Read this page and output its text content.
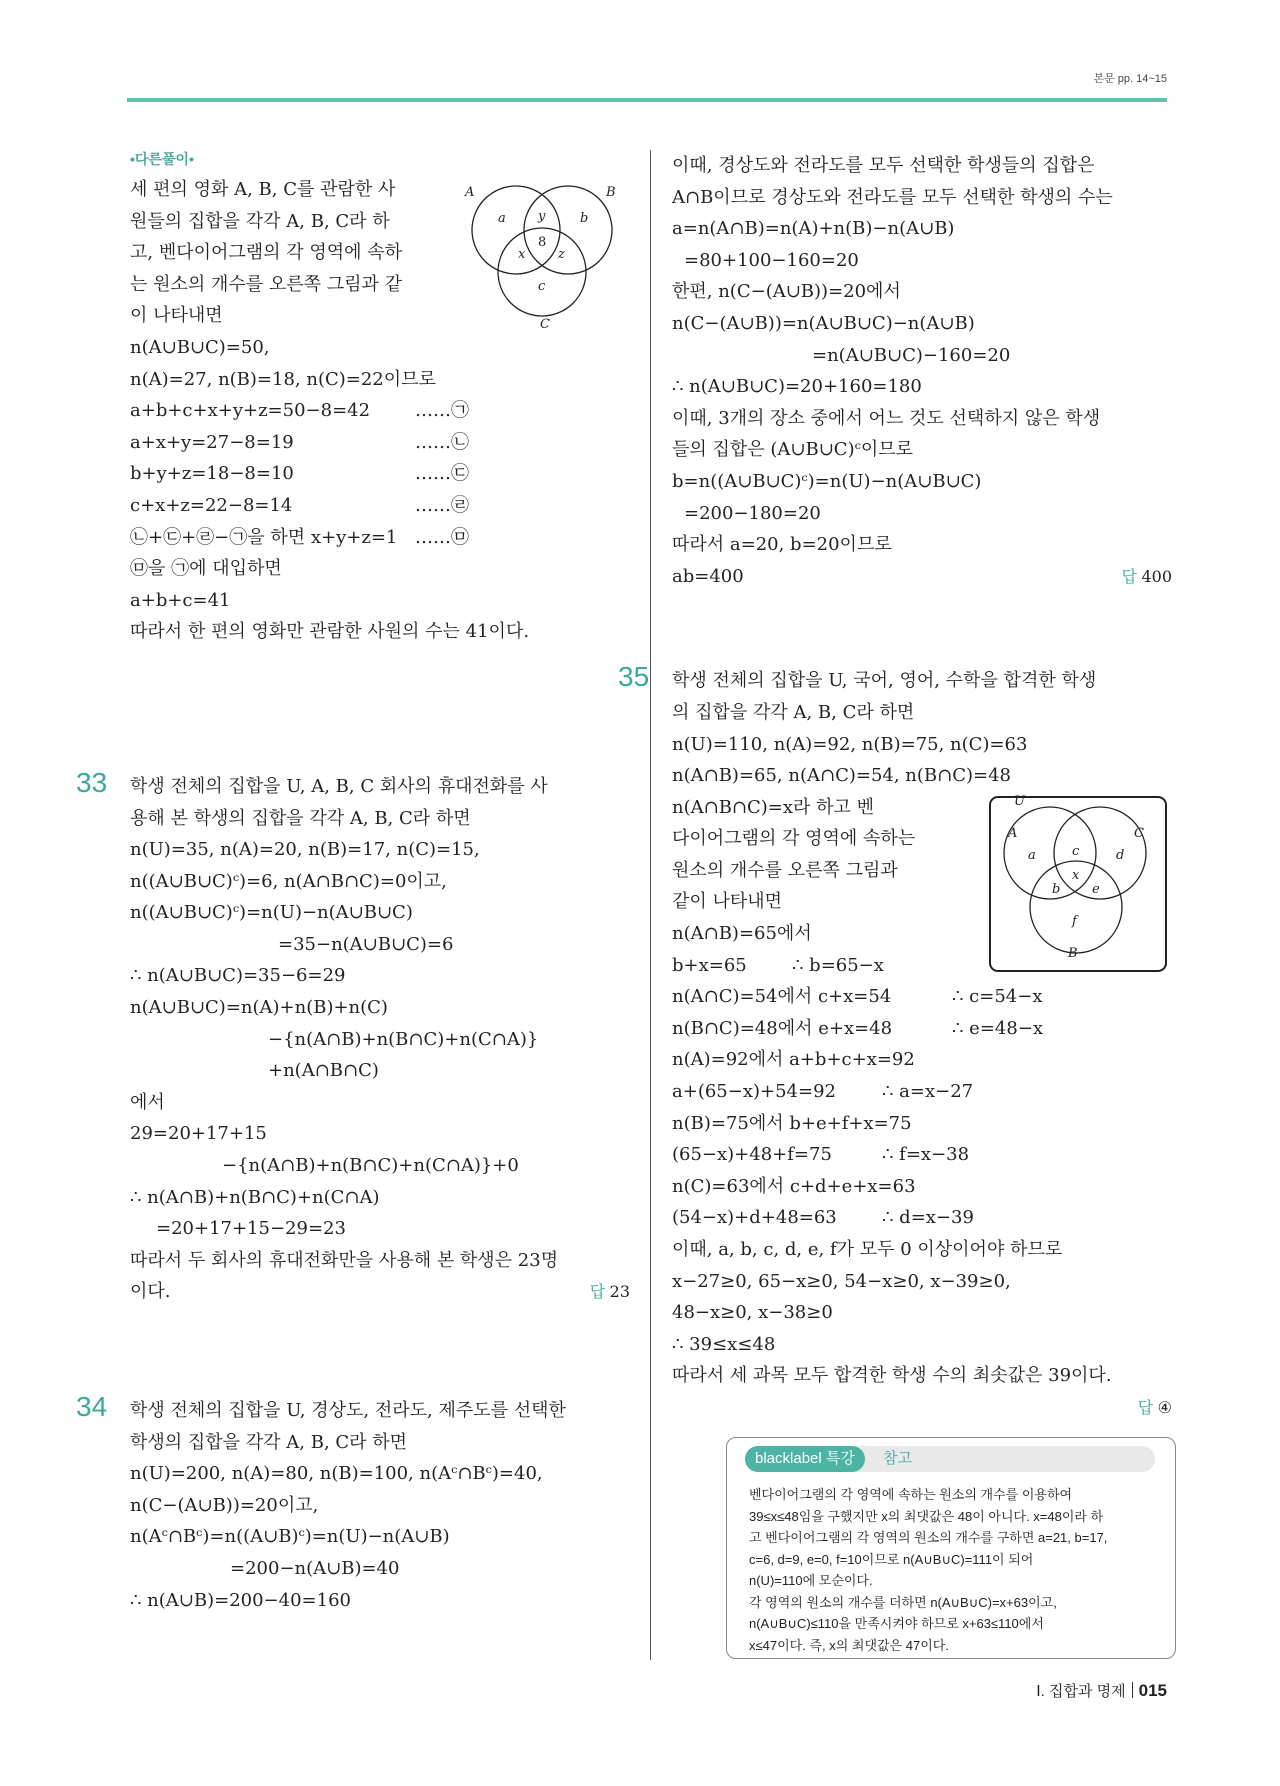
본문 pp. 14~15
•다른풀이•
세 편의 영화 A, B, C를 관람한 사
원들의 집합을 각각 A, B, C라 하
고, 벤다이어그램의 각 영역에 속하
는 원소의 개수를 오른쪽 그림과 같
이 나타내면
n(A∪B∪C)=50,
n(A)=27, n(B)=18, n(C)=22이므로
a+b+c+x+y+z=50−8=42 ……㉠
a+x+y=27−8=19	……㉡
b+y+z=18−8=10	……㉢
c+x+z=22−8=14	……㉣
㉡+㉢+㉣−㉠을 하면 x+y+z=1 ……㉤
㉤을 ㉠에 대입하면
a+b+c=41
따라서 한 편의 영화만 관람한 사원의 수는 41이다.
33 학생 전체의 집합을 U, A, B, C 회사의 휴대전화를 사
용해 본 학생의 집합을 각각 A, B, C라 하면
n(U)=35, n(A)=20, n(B)=17, n(C)=15,
n((A∪B∪C)ᶜ)=6, n(A∩B∩C)=0이고,
n((A∪B∪C)ᶜ)=n(U)−n(A∪B∪C)
=35−n(A∪B∪C)=6
∴ n(A∪B∪C)=35−6=29
n(A∪B∪C)=n(A)+n(B)+n(C)
−{n(A∩B)+n(B∩C)+n(C∩A)}
+n(A∩B∩C)
에서
29=20+17+15
−{n(A∩B)+n(B∩C)+n(C∩A)}+0
∴ n(A∩B)+n(B∩C)+n(C∩A)
=20+17+15−29=23
따라서 두 회사의 휴대전화만을 사용해 본 학생은 23명
이다.	답 23
34 학생 전체의 집합을 U, 경상도, 전라도, 제주도를 선택한
학생의 집합을 각각 A, B, C라 하면
n(U)=200, n(A)=80, n(B)=100, n(Aᶜ∩Bᶜ)=40,
n(C−(A∪B))=20이고,
n(Aᶜ∩Bᶜ)=n((A∪B)ᶜ)=n(U)−n(A∪B)
=200−n(A∪B)=40
∴ n(A∪B)=200−40=160
A	B
C
a	b
c
y
x	z
8
이때, 경상도와 전라도를 모두 선택한 학생들의 집합은
A∩B이므로 경상도와 전라도를 모두 선택한 학생의 수는
a=n(A∩B)=n(A)+n(B)−n(A∪B)
=80+100−160=20
한편, n(C−(A∪B))=20에서
n(C−(A∪B))=n(A∪B∪C)−n(A∪B)
=n(A∪B∪C)−160=20
∴ n(A∪B∪C)=20+160=180
이때, 3개의 장소 중에서 어느 것도 선택하지 않은 학생
들의 집합은 (A∪B∪C)ᶜ이므로
b=n((A∪B∪C)ᶜ)=n(U)−n(A∪B∪C)
=200−180=20
따라서 a=20, b=20이므로
ab=400	답 400
35 학생 전체의 집합을 U, 국어, 영어, 수학을 합격한 학생
의 집합을 각각 A, B, C라 하면
n(U)=110, n(A)=92, n(B)=75, n(C)=63
n(A∩B)=65, n(A∩C)=54, n(B∩C)=48
n(A∩B∩C)=x라 하고 벤
다이어그램의 각 영역에 속하는
원소의 개수를 오른쪽 그림과
같이 나타내면
n(A∩B)=65에서
b+x=65	∴ b=65−x
n(A∩C)=54에서 c+x=54	∴ c=54−x
n(B∩C)=48에서 e+x=48	∴ e=48−x
n(A)=92에서 a+b+c+x=92
a+(65−x)+54=92	∴ a=x−27
n(B)=75에서 b+e+f+x=75
(65−x)+48+f=75	∴ f=x−38
n(C)=63에서 c+d+e+x=63
(54−x)+d+48=63	∴ d=x−39
이때, a, b, c, d, e, f가 모두 0 이상이어야 하므로
x−27≥0, 65−x≥0, 54−x≥0, x−39≥0,
48−x≥0, x−38≥0
∴ 39≤x≤48
따라서 세 과목 모두 합격한 학생 수의 최솟값은 39이다.
답 ④
U
A	C
B
a	c	d
x
b e
f
blacklabel 특강	참고
벤다이어그램의 각 영역에 속하는 원소의 개수를 이용하여
39≤x≤48임을 구했지만 x의 최댓값은 48이 아니다. x=48이라 하
고 벤다이어그램의 각 영역의 원소의 개수를 구하면 a=21, b=17,
c=6, d=9, e=0, f=10이므로 n(A∪B∪C)=111이 되어
n(U)=110에 모순이다.
각 영역의 원소의 개수를 더하면 n(A∪B∪C)=x+63이고,
n(A∪B∪C)≤110을 만족시켜야 하므로 x+63≤110에서
x≤47이다. 즉, x의 최댓값은 47이다.
Ⅰ. 집합과 명제 015
